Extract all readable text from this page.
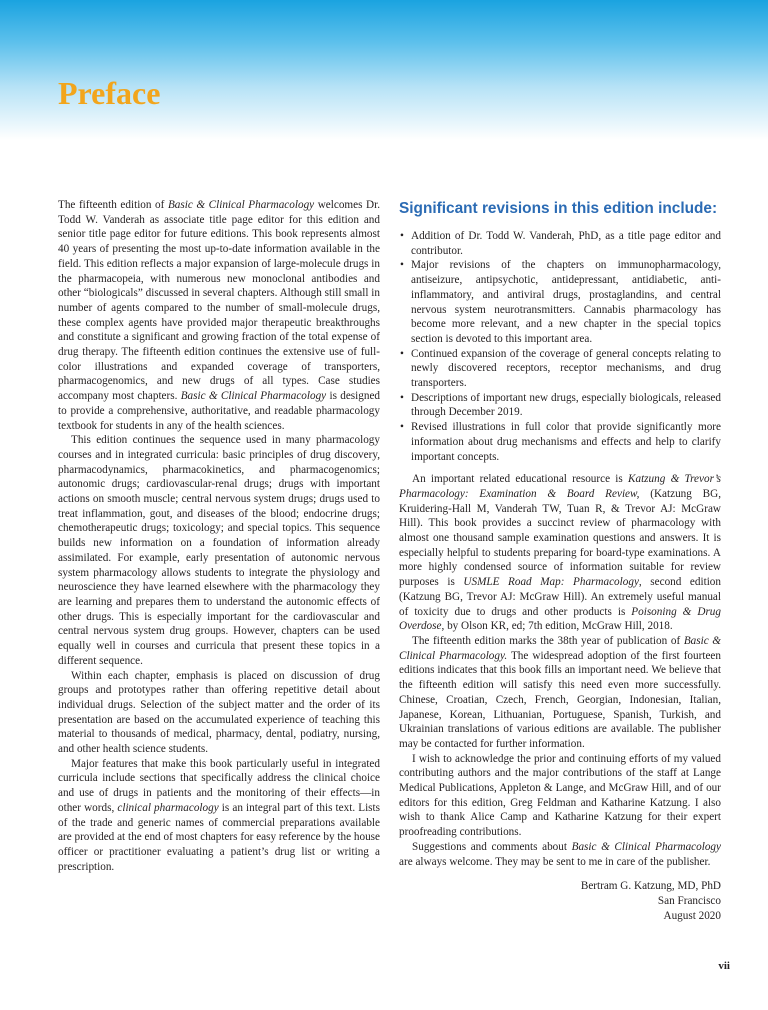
Preface

The fifteenth edition of Basic & Clinical Pharmacology welcomes Dr. Todd W. Vanderah as associate title page editor for this edition and senior title page editor for future editions. This book represents almost 40 years of presenting the most up-to-date information available in the field. This edition reflects a major expansion of large-molecule drugs in the pharmacopeia, with numerous new monoclonal antibodies and other “biologicals” discussed in several chapters. Although still small in number of agents compared to the number of small-molecule drugs, these complex agents have provided major therapeutic breakthroughs and constitute a significant and growing fraction of the total expense of drug therapy. The fifteenth edition continues the extensive use of full-color illustrations and expanded coverage of transporters, pharmacogenomics, and new drugs of all types. Case studies accompany most chapters. Basic & Clinical Pharmacology is designed to provide a comprehensive, authoritative, and readable pharmacology textbook for students in any of the health sciences.

This edition continues the sequence used in many pharmacology courses and in integrated curricula: basic principles of drug discovery, pharmacodynamics, pharmacokinetics, and pharmacogenomics; autonomic drugs; cardiovascular-renal drugs; drugs with important actions on smooth muscle; central nervous system drugs; drugs used to treat inflammation, gout, and diseases of the blood; endocrine drugs; chemotherapeutic drugs; toxicology; and special topics. This sequence builds new information on a foundation of information already assimilated. For example, early presentation of autonomic nervous system pharmacology allows students to integrate the physiology and neuroscience they have learned elsewhere with the pharmacology they are learning and prepares them to understand the autonomic effects of other drugs. This is especially important for the cardiovascular and central nervous system drug groups. However, chapters can be used equally well in courses and curricula that present these topics in a different sequence.

Within each chapter, emphasis is placed on discussion of drug groups and prototypes rather than offering repetitive detail about individual drugs. Selection of the subject matter and the order of its presentation are based on the accumulated experience of teaching this material to thousands of medical, pharmacy, dental, podiatry, nursing, and other health science students.

Major features that make this book particularly useful in integrated curricula include sections that specifically address the clinical choice and use of drugs in patients and the monitoring of their effects—in other words, clinical pharmacology is an integral part of this text. Lists of the trade and generic names of commercial preparations available are provided at the end of most chapters for easy reference by the house officer or practitioner evaluating a patient’s drug list or writing a prescription.

Significant revisions in this edition include:
• Addition of Dr. Todd W. Vanderah, PhD, as a title page editor and contributor.
• Major revisions of the chapters on immunopharmacology, antiseizure, antipsychotic, antidepressant, antidiabetic, anti-inflammatory, and antiviral drugs, prostaglandins, and central nervous system neurotransmitters. Cannabis pharmacology has become more relevant, and a new chapter in the special topics section is devoted to this important area.
• Continued expansion of the coverage of general concepts relating to newly discovered receptors, receptor mechanisms, and drug transporters.
• Descriptions of important new drugs, especially biologicals, released through December 2019.
• Revised illustrations in full color that provide significantly more information about drug mechanisms and effects and help to clarify important concepts.

An important related educational resource is Katzung & Trevor’s Pharmacology: Examination & Board Review, (Katzung BG, Kruidering-Hall M, Vanderah TW, Tuan R, & Trevor AJ: McGraw Hill). This book provides a succinct review of pharmacology with almost one thousand sample examination questions and answers. It is especially helpful to students preparing for board-type examinations. A more highly condensed source of information suitable for review purposes is USMLE Road Map: Pharmacology, second edition (Katzung BG, Trevor AJ: McGraw Hill). An extremely useful manual of toxicity due to drugs and other products is Poisoning & Drug Overdose, by Olson KR, ed; 7th edition, McGraw Hill, 2018.

The fifteenth edition marks the 38th year of publication of Basic & Clinical Pharmacology. The widespread adoption of the first fourteen editions indicates that this book fills an important need. We believe that the fifteenth edition will satisfy this need even more successfully. Chinese, Croatian, Czech, French, Georgian, Indonesian, Italian, Japanese, Korean, Lithuanian, Portuguese, Spanish, Turkish, and Ukrainian translations of various editions are available. The publisher may be contacted for further information.

I wish to acknowledge the prior and continuing efforts of my valued contributing authors and the major contributions of the staff at Lange Medical Publications, Appleton & Lange, and McGraw Hill, and of our editors for this edition, Greg Feldman and Katharine Katzung. I also wish to thank Alice Camp and Katharine Katzung for their expert proofreading contributions.

Suggestions and comments about Basic & Clinical Pharmacology are always welcome. They may be sent to me in care of the publisher.

Bertram G. Katzung, MD, PhD
San Francisco
August 2020
vii
